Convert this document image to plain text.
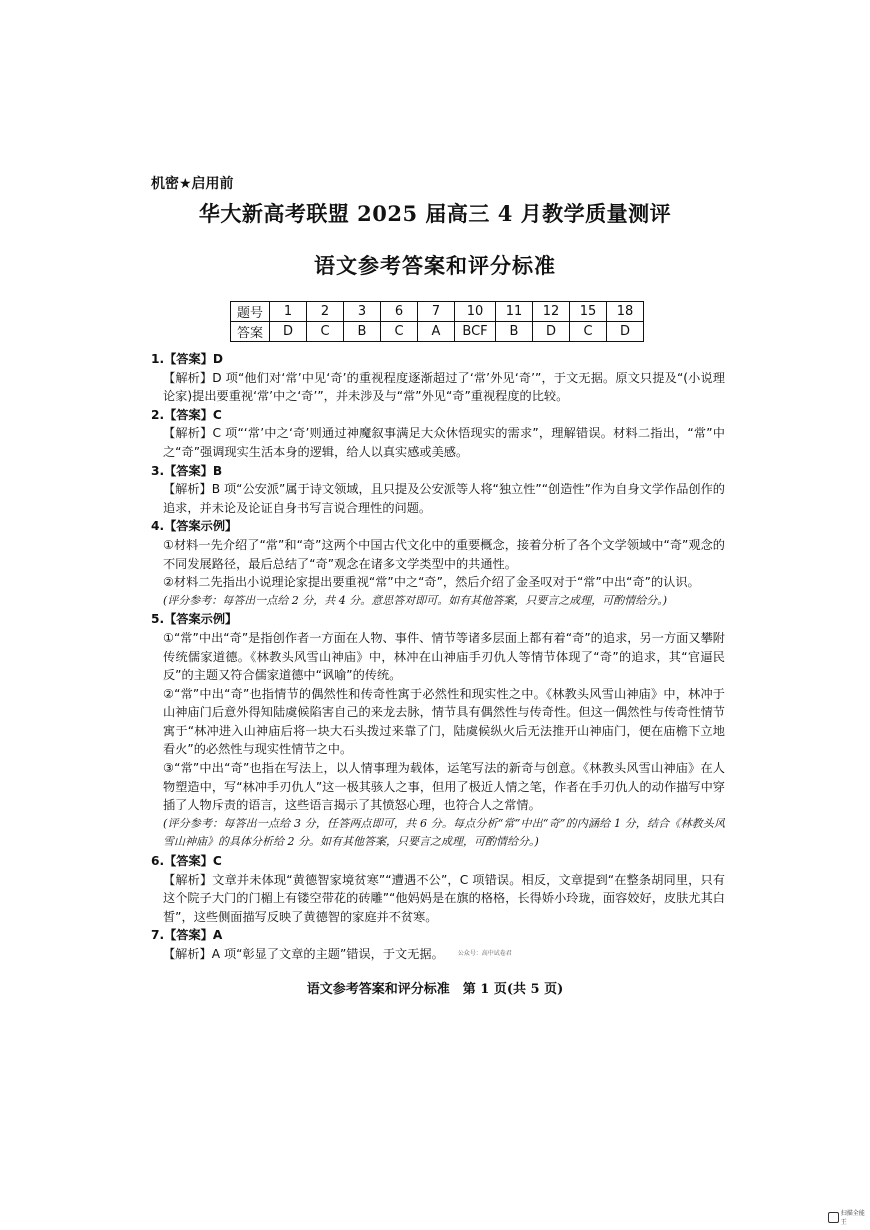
机密★启用前
华大新高考联盟 2025 届高三 4 月教学质量测评
语文参考答案和评分标准
题号	1	2	3	6	7	10	11	12	15	18
答案	D	C	B	C	A	BCF	B	D	C	D
1.【答案】D
【解析】D 项“他们对‘常’中见‘奇’的重视程度逐渐超过了‘常’外见‘奇’”，于文无据。原文只提及“(小说理论家)提出要重视‘常’中之‘奇’”，并未涉及与“常”外见“奇”重视程度的比较。
2.【答案】C
【解析】C 项“‘常’中之‘奇’则通过神魔叙事满足大众休悟现实的需求”，理解错误。材料二指出，“常”中之“奇”强调现实生活本身的逻辑，给人以真实感或美感。
3.【答案】B
【解析】B 项“公安派”属于诗文领域，且只提及公安派等人将“独立性”“创造性”作为自身文学作品创作的追求，并未论及论证自身书写言说合理性的问题。
4.【答案示例】
①材料一先介绍了“常”和“奇”这两个中国古代文化中的重要概念，接着分析了各个文学领域中“奇”观念的不同发展路径，最后总结了“奇”观念在诸多文学类型中的共通性。
②材料二先指出小说理论家提出要重视“常”中之“奇”，然后介绍了金圣叹对于“常”中出“奇”的认识。
(评分参考：每答出一点给 2 分，共 4 分。意思答对即可。如有其他答案，只要言之成理，可酌情给分。)
5.【答案示例】
①“常”中出“奇”是指创作者一方面在人物、事件、情节等诸多层面上都有着“奇”的追求，另一方面又攀附传统儒家道德。《林教头风雪山神庙》中，林冲在山神庙手刃仇人等情节体现了“奇”的追求，其“官逼民反”的主题又符合儒家道德中“讽喻”的传统。
②“常”中出“奇”也指情节的偶然性和传奇性寓于必然性和现实性之中。《林教头风雪山神庙》中，林冲于山神庙门后意外得知陆虞候陷害自己的来龙去脉，情节具有偶然性与传奇性。但这一偶然性与传奇性情节寓于“林冲进入山神庙后将一块大石头拨过来靠了门，陆虞候纵火后无法推开山神庙门，便在庙檐下立地看火”的必然性与现实性情节之中。
③“常”中出“奇”也指在写法上，以人情事理为载体，运笔写法的新奇与创意。《林教头风雪山神庙》在人物塑造中，写“林冲手刃仇人”这一极其骇人之事，但用了极近人情之笔，作者在手刃仇人的动作描写中穿插了人物斥责的语言，这些语言揭示了其愤怒心理，也符合人之常情。
(评分参考：每答出一点给 3 分，任答两点即可，共 6 分。每点分析“常”中出“奇”的内涵给 1 分，结合《林教头风雪山神庙》的具体分析给 2 分。如有其他答案，只要言之成理，可酌情给分。)
6.【答案】C
【解析】文章并未体现“黄德智家境贫寒”“遭遇不公”，C 项错误。相反，文章提到“在整条胡同里，只有这个院子大门的门楣上有镂空带花的砖雕”“他妈妈是在旗的格格，长得娇小玲珑，面容姣好，皮肤尤其白皙”，这些侧面描写反映了黄德智的家庭并不贫寒。
7.【答案】A
【解析】A 项“彰显了文章的主题”错误，于文无据。 公众号：高中试卷君
语文参考答案和评分标准　第 1 页(共 5 页)
扫描全能王
